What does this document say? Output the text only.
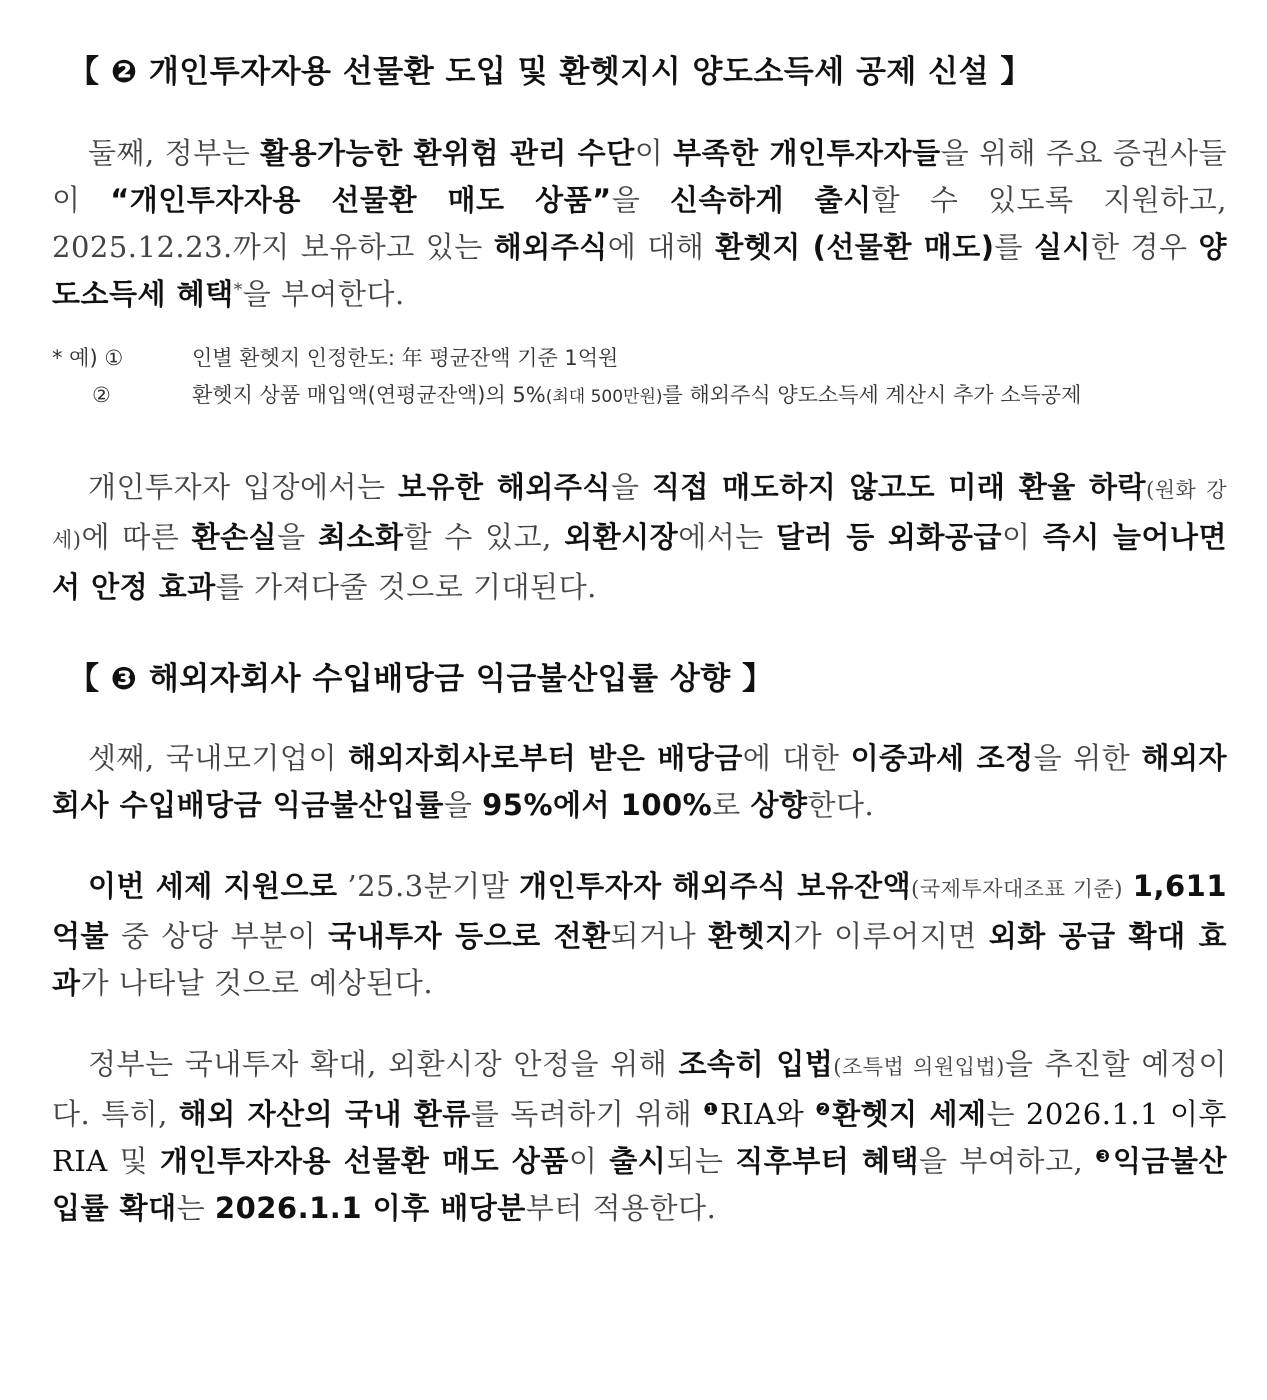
【 ❷ 개인투자자용 선물환 도입 및 환헷지시 양도소득세 공제 신설 】

둘째, 정부는 활용가능한 환위험 관리 수단이 부족한 개인투자자들을 위해 주요 증권사들이 “개인투자자용 선물환 매도 상품”을 신속하게 출시할 수 있도록 지원하고, 2025.12.23.까지 보유하고 있는 해외주식에 대해 환헷지 (선물환 매도)를 실시한 경우 양도소득세 혜택*을 부여한다.

* 예) ①	인별 환헷지 인정한도: 年 평균잔액 기준 1억원
②	환헷지 상품 매입액(연평균잔액)의 5%(최대 500만원)를 해외주식 양도소득세 계산시 추가 소득공제

개인투자자 입장에서는 보유한 해외주식을 직접 매도하지 않고도 미래 환율 하락(원화 강세)에 따른 환손실을 최소화할 수 있고, 외환시장에서는 달러 등 외화공급이 즉시 늘어나면서 안정 효과를 가져다줄 것으로 기대된다.

【 ❸ 해외자회사 수입배당금 익금불산입률 상향 】

셋째, 국내모기업이 해외자회사로부터 받은 배당금에 대한 이중과세 조정을 위한 해외자회사 수입배당금 익금불산입률을 95%에서 100%로 상향한다.

이번 세제 지원으로 ’25.3분기말 개인투자자 해외주식 보유잔액(국제투자대조표 기준) 1,611억불 중 상당 부분이 국내투자 등으로 전환되거나 환헷지가 이루어지면 외화 공급 확대 효과가 나타날 것으로 예상된다.

정부는 국내투자 확대, 외환시장 안정을 위해 조속히 입법(조특법 의원입법)을 추진할 예정이다. 특히, 해외 자산의 국내 환류를 독려하기 위해 $^❶$RIA와 $^❷$환헷지 세제는 2026.1.1 이후 RIA 및 개인투자자용 선물환 매도 상품이 출시되는 직후부터 혜택을 부여하고, $^❸$익금불산입률 확대는 2026.1.1 이후 배당분부터 적용한다.
